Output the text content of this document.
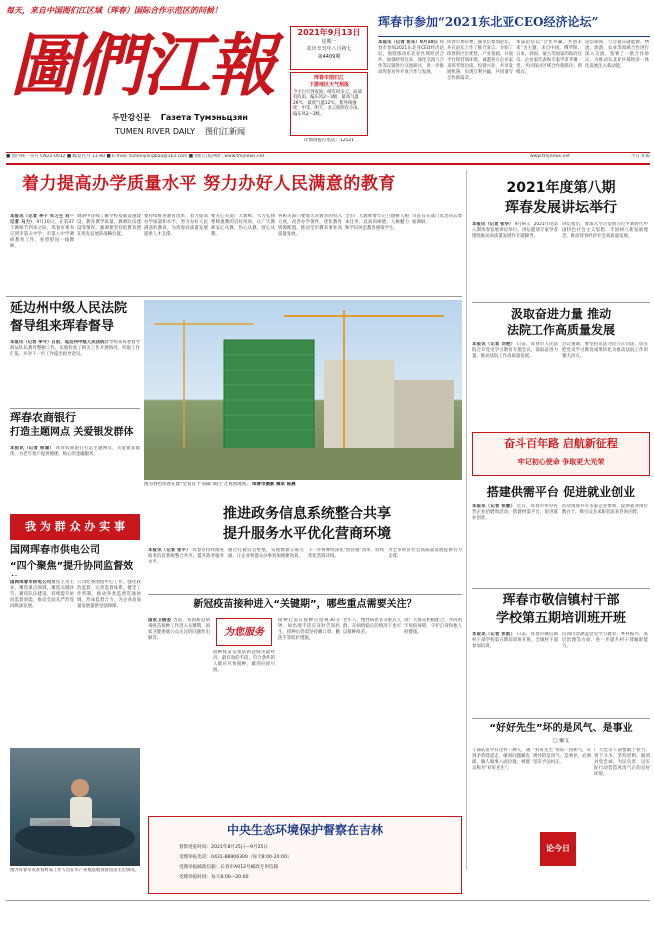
每天，来自中国图们江区域（珲春）国际合作示范区的问候！
圖們江報
두만강신문 Газета Тумэньцзян
TUMEN RIVER DAILY 图们江新闻
2021年9月13日
星期一
农历辛丑年八月初七
第4409期
珲春市图们江
下游地区天气预报
今天白天到夜间：晴有时多云，局部有阵雨，偏东风2～3级，最高气温26℃，最低气温12℃，紫外线强度：中等。明天：多云转阴有小雨，偏东风2～3级。
详情请拨打电话：12121
珲春市参加“2021东北亚CEO经济论坛”
本报讯（记者 张东）9月10日 珲春市参加2021东北亚CEO经济论坛，围绕推动东北亚区域经济合作，加强经贸往来，深化交流与合作等议题进行交流研讨，进一步推动珲春对外开放合作与发展。
珲春市委常委、副市长参加论坛，并在论坛上作了推介发言。介绍了珲春的区位优势、产业基础、开放平台和营商环境，诚邀各方企业家来珲考察洽谈、投资兴业，共享发展机遇，实现互利共赢，共同谱写合作新篇章。
本届论坛以“合作共赢，共创未来”为主题，来自中国、俄罗斯、日本、韩国、蒙古等国家的政府官员、企业家代表和专家学者齐聚一堂，共同探讨区域合作新路径、新模式。
论坛期间，与会嘉宾就能源、物流、旅游、农业等领域合作进行深入交流，签署了一批合作协议，为推动东北亚区域经济一体化发展注入新动能。
■ 国内统一刊号 CN22-0012 ■ 邮发代号 11-60 ■ E-mail: tumenjiangbao@163.com ■ 图们江报网址: www.tmjnews.net	www.tmjnews.net	今日 4 版
着力提高办学质量水平 努力办好人民满意的教育
本报讯（记者 李千 实习生 刘一 记者 马力） 9月10日，在第37个教师节到来之际，珲春市委书记到市第五中学、市第八中学调研教育工作，看望慰问一线教师。
调研中详细了解学校基础设施建设、教育教学质量、教师队伍建设等情况，强调要坚持把教育摆在优先发展的战略位置。
要持续推进教育改革，着力提高办学质量和水平，努力办好人民满意的教育，为珲春高质量发展提供人才支撑。
要关心关爱广大教师，大力弘扬尊师重教的良好风尚，让广大教师安心从教、热心从教、舒心从教。
各相关部门要加大对教育的投入力度，改善办学条件，优化教育资源配置，推动全市教育事业高质量发展。
全市广大教师要牢记立德树人根本任务，以高尚师德、人格魅力和学识风范教育感染学生。
市直有关部门负责同志参加调研。
2021年度第八期
珲春发展讲坛举行
本报讯（记者 张华） 9月9日，2021年度第八期珲春发展讲坛举行。讲坛邀请专家学者围绕推动高质量发展作专题辅导。
讲坛指出，要深入学习贯彻习近平新时代中国特色社会主义思想，牢固树立新发展理念，推动珲春经济社会高质量发展。
汲取奋进力量 推动
法院工作高质量发展
本报讯（记者 刘艳） 日前，珲春市人民法院召开党史学习教育专题会议，汲取奋进力量，推动法院工作高质量发展。
会议强调，要坚持司法为民公正司法，切实把党史学习教育成果转化为推动法院工作的强大动力。
奋斗百年路 启航新征程
牢记初心使命 争取更大光荣
搭建供需平台 促进就业创业
本报讯（记者 张敏） 近日，珲春市举办民营企业招聘周活动，搭建供需平台，促进就业创业。
活动现场共有多家企业参加，提供就业岗位数百个，吸引众多求职者前来咨询应聘。
珲春市敬信镇村干部
学校第五期培训班开班
本报讯（记者 张凯） 日前，珲春市敬信镇村干部学校第五期培训班开班，全镇村干部参加培训。
培训内容涵盖党史学习教育、乡村振兴、基层治理等方面，进一步提升村干部履职能力。
“好好先生”坏的是风气、是事业
□ 戴文
干部队伍中有这样一种人，遇到矛盾绕道走，碰到问题踢皮球，做人做事八面玲珑，被群众称为“好好先生”。
“好好先生”看似一团和气，实则坏的是风气、是事业，必须坚决予以纠正。
论今日
广大党员干部要敢于担当、勇于斗争，坚持原则，做到对党忠诚、为民负责，以实际行动营造风清气正的良好环境。
延边州中级人民法院
督导组来珲春督导
本报讯（记者 李守）日前，延边州中级人民法院督导组来珲春督导政法队伍教育整顿工作，实地检查了相关工作开展情况，听取工作汇报，并对下一步工作提出指导意见。
珲春农商银行
打造主题网点 关爱银发群体
本报讯（记者 杨潇） 珲春农商银行打造主题网点，关爱银发群体，为老年客户提供便捷、贴心的金融服务。
图为春色珲春在建“全省首个‘双碳’项目”之春园现场。 珲春市摄影 辑家 陈晨
推进政务信息系统整合共享
提升服务水平优化营商环境
本报讯（记者 张平） 珲春市持续推进政务信息系统整合共享，提升政务服务水平。
通过打破信息壁垒，实现数据互联互通，让企业和群众办事更加便捷高效。
下一步将继续深化“放管服”改革，持续优化营商环境。
为全市经济社会高质量发展提供有力支撑。
我 为 群 众 办 实 事
国网珲春市供电公司
“四个聚焦”提升协同监督效
国网珲春市供电公司聚焦主责主业，聚焦重点领域，聚焦关键环节，聚焦队伍建设，持续提升协同监督效能，推动全面从严治党向纵深发展。
公司纪委围绕中心工作，强化政治监督，完善监督体系，健全工作机制，推动各类监督贯通协调，形成监督合力，为企业高质量发展提供坚强保障。
图为珲春市农业农村局工作人员在水产养殖基地查看鱼苗生长情况。
新冠疫苗接种进入“关键期”，哪些重点需要关注？
国家卫健委 当前，我国新冠病毒疫苗接种工作进入关键期，国家卫健委就公众关注的问题作出解答。
接种疫苗是预防新冠肺炎最经济、最有效的手段，符合条件的人群应尽快接种，做到应接尽接。
为您服务
接种后需在接种点留观30分钟，如出现不适应及时告知医生，接种后仍需坚持戴口罩、勤洗手等防护措施。
老年人、慢性病患者等重点人群，在病情稳定的情况下也可以接种疫苗。
请广大群众积极配合，共同筑牢免疫屏障，守护自身和他人的健康。
中央生态环境保护督察在吉林
督察进驻时间：2021年8月25日—9月25日
受理举报电话：0431-88906300（每天8:00-20:00）
受理举报邮政信箱：长春市A012号邮政专用信箱
受理举报时间：每天8:00—20:00
